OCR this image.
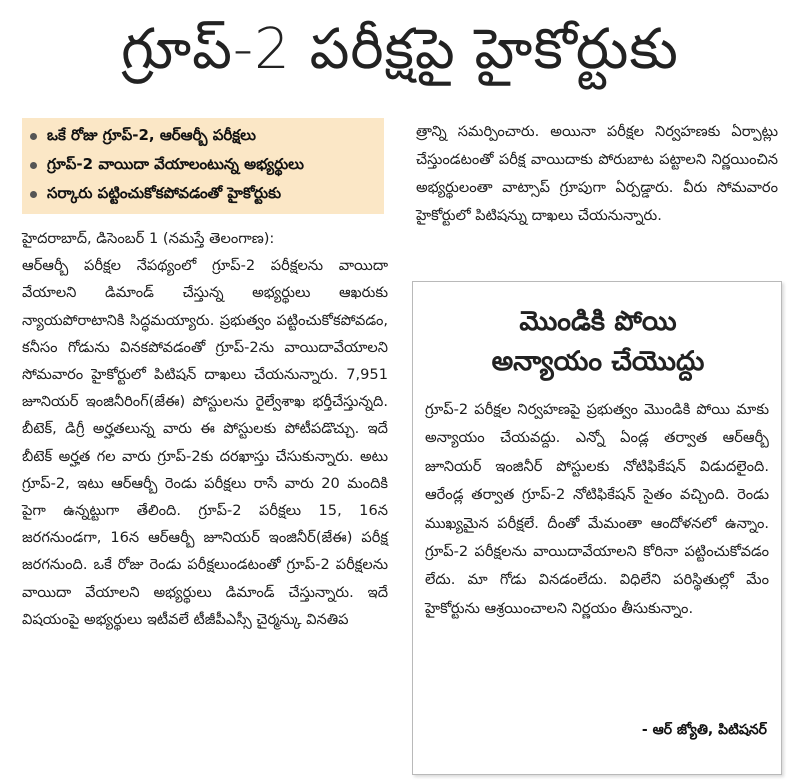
గ్రూప్-2 పరీక్షపై హైకోర్టుకు
ఒకే రోజు గ్రూప్-2, ఆర్ఆర్బీ పరీక్షలు
గ్రూప్-2 వాయిదా వేయాలంటున్న అభ్యర్థులు
సర్కారు పట్టించుకోకపోవడంతో హైకోర్టుకు

హైదరాబాద్, డిసెంబర్ 1 (నమస్తే తెలంగాణ):

ఆర్ఆర్బీ పరీక్షల నేపథ్యంలో గ్రూప్-2 పరీక్షలను వాయిదా వేయాలని డిమాండ్ చేస్తున్న అభ్యర్థులు ఆఖరుకు న్యాయపోరాటానికి సిద్ధమయ్యారు. ప్రభుత్వం పట్టించుకోకపోవడం, కనీసం గోడును వినకపోవడంతో గ్రూప్-2ను వాయిదావేయాలని సోమవారం హైకోర్టులో పిటిషన్ దాఖలు చేయనున్నారు. 7,951 జూనియర్ ఇంజినీరింగ్(జేఈ) పోస్టులను రైల్వేశాఖ భర్తీచేస్తున్నది. బీటెక్, డిగ్రీ అర్హతలున్న వారు ఈ పోస్టులకు పోటీపడొచ్చు. ఇదే బీటెక్ అర్హత గల వారు గ్రూప్-2కు దరఖాస్తు చేసుకున్నారు. అటు గ్రూప్-2, ఇటు ఆర్ఆర్బీ రెండు పరీక్షలు రాసే వారు 20 మందికి పైగా ఉన్నట్టుగా తేలింది. గ్రూప్-2 పరీక్షలు 15, 16న జరగనుండగా, 16న ఆర్ఆర్బీ జూనియర్ ఇంజినీర్(జేఈ) పరీక్ష జరగనుంది. ఒకే రోజు రెండు పరీక్షలుండటంతో గ్రూప్-2 పరీక్షలను వాయిదా వేయాలని అభ్యర్థులు డిమాండ్ చేస్తున్నారు. ఇదే విషయంపై అభ్యర్థులు ఇటీవలే టీజీపీఎస్సీ చైర్మన్కు వినతిప

త్రాన్ని సమర్పించారు. అయినా పరీక్షల నిర్వహణకు ఏర్పాట్లు చేస్తుండటంతో పరీక్ష వాయిదాకు పోరుబాట పట్టాలని నిర్ణయించిన అభ్యర్థులంతా వాట్సాప్ గ్రూపుగా ఏర్పడ్డారు. వీరు సోమవారం హైకోర్టులో పిటిషన్ను దాఖలు చేయనున్నారు.

మొండికి పోయి
అన్యాయం చేయొద్దు

గ్రూప్-2 పరీక్షల నిర్వహణపై ప్రభుత్వం మొండికి పోయి మాకు అన్యాయం చేయవద్దు. ఎన్నో ఏండ్ల తర్వాత ఆర్ఆర్బీ జూనియర్ ఇంజినీర్ పోస్టులకు నోటిఫికేషన్ విడుదలైంది. ఆరేండ్ల తర్వాత గ్రూప్-2 నోటిఫికేషన్ సైతం వచ్చింది. రెండు ముఖ్యమైన పరీక్షలే. దీంతో మేమంతా ఆందోళనలో ఉన్నాం. గ్రూప్-2 పరీక్షలను వాయిదావేయాలని కోరినా పట్టించుకోవడం లేదు. మా గోడు వినడంలేదు. విధిలేని పరిస్థితుల్లో మేం హైకోర్టును ఆశ్రయించాలని నిర్ణయం తీసుకున్నాం.

- ఆర్ జ్యోతి, పిటిషనర్
